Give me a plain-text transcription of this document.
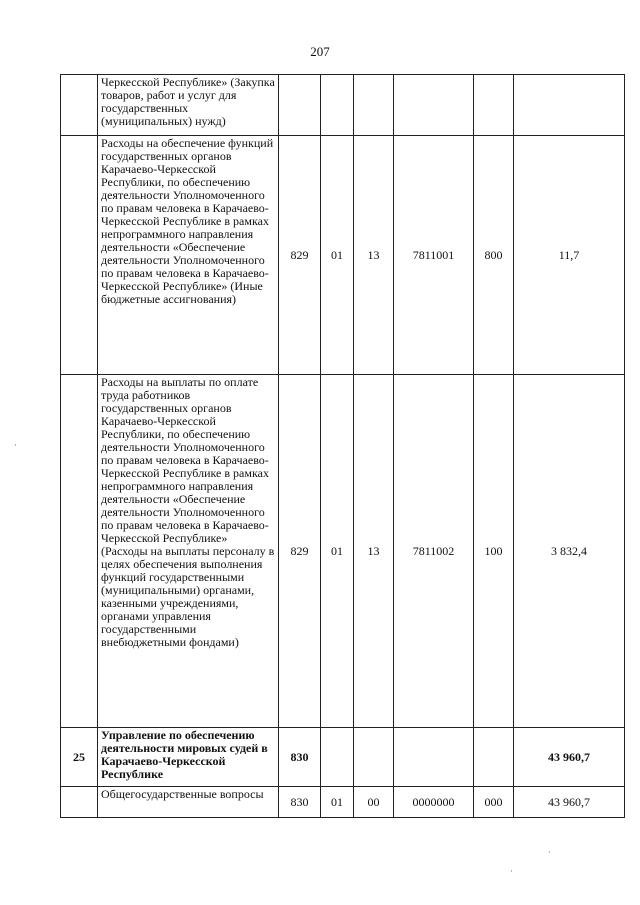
207
	Черкесской Республике» (Закупка товаров, работ и услуг для государственных (муниципальных) нужд)						
	Расходы на обеспечение функций государственных органов Карачаево-Черкесской Республики, по обеспечению деятельности Уполномоченного по правам человека в Карачаево-Черкесской Республике в рамках непрограммного направления деятельности «Обеспечение деятельности Уполномоченного по правам человека в Карачаево-Черкесской Республике» (Иные бюджетные ассигнования)	829	01	13	7811001	800	11,7
	Расходы на выплаты по оплате труда работников государственных органов Карачаево-Черкесской Республики, по обеспечению деятельности Уполномоченного по правам человека в Карачаево-Черкесской Республике в рамках непрограммного направления деятельности «Обеспечение деятельности Уполномоченного по правам человека в Карачаево-Черкесской Республике» (Расходы на выплаты персоналу в целях обеспечения выполнения функций государственными (муниципальными) органами, казенными учреждениями, органами управления государственными внебюджетными фондами)	829	01	13	7811002	100	3 832,4
25	Управление по обеспечению деятельности мировых судей в Карачаево-Черкесской Республике	830					43 960,7
	Общегосударственные вопросы	830	01	00	0000000	000	43 960,7
·
`
·
